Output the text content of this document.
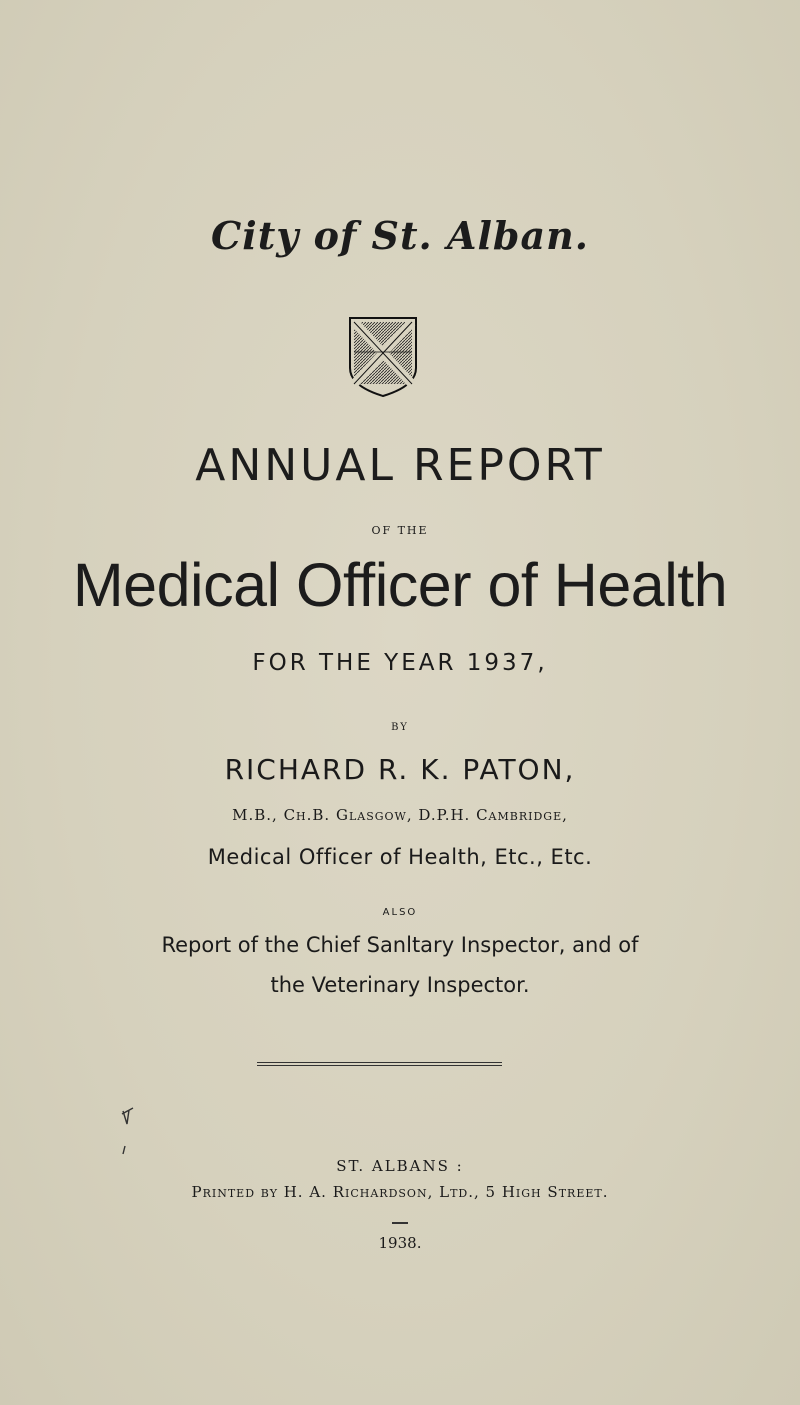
City of St. Alban.
ANNUAL REPORT
OF THE
Medical Officer of Health
FOR THE YEAR 1937,
BY
RICHARD R. K. PATON,
M.B., Ch.B. Glasgow, D.P.H. Cambridge,
Medical Officer of Health, Etc., Etc.
ALSO
Report of the Chief Sanltary Inspector, and of
the Veterinary Inspector.
ST. ALBANS :
Printed by H. A. Richardson, Ltd., 5 High Street.
1938.
